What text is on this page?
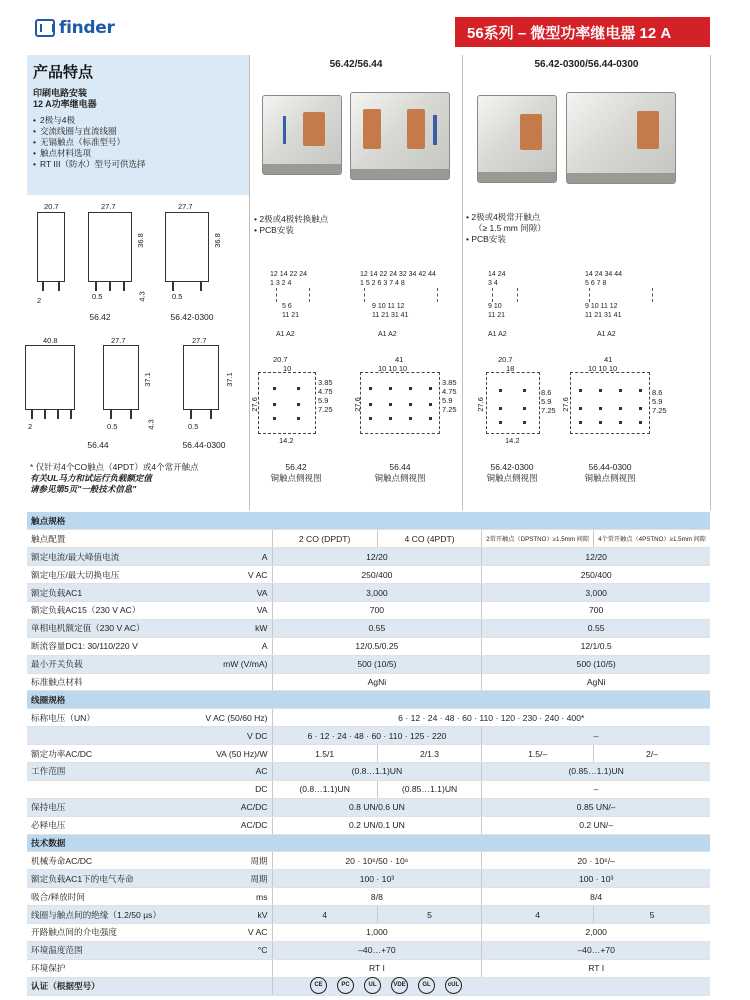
finder	56系列 – 微型功率继电器 12 A
产品特点
印刷电路安装
12 A功率继电器
• 2极与4极
• 交流线圈与直流线圈
• 无镉触点（标准型号）
• 触点材料选项
• RT III（防水）型号可供选择
56.42/56.44	56.42-0300/56.44-0300
• 2极或4极转换触点
• PCB安装
• 2极或4极常开触点
（≥ 1.5 mm 间隙）
• PCB安装
20.7
2
27.7
36.8
0.5	4.3
56.42
27.7
36.8
0.5
56.42-0300
40.8
2
27.7
37.1
0.5	4.3
56.44
27.7
37.1
0.5
56.44-0300
12 14 22 24
1 3 2 4
5 6
11 21
A1 A2
12 14 22 24 32 34 42 44
1 5 2 6 3 7 4 8
9 10 11 12
11 21 31 41
A1 A2
14 24
3 4
9 10
11 21
A1 A2
14 24 34 44
5 6 7 8
9 10 11 12
11 21 31 41
A1 A2
20.7
10
3.85 4.75 5.9 7.25
27.6
14.2
56.42
铜触点侧视图
41
10 10 10
3.85 4.75 5.9 7.25
27.6
56.44
铜触点侧视图
20.7
18
8.6 5.9 7.25
27.6
14.2
56.42-0300
铜触点侧视图
41
10 10 10
8.6 5.9 7.25
27.6
56.44-0300
铜触点侧视图
* 仅针对4个CO触点（4PDT）或4个常开触点
有关UL马力和试运行负载额定值
请参见第5页"一般技术信息"
触点规格					
触点配置		2 CO (DPDT)	4 CO (4PDT)	2常开触点（DPSTNO）≥1.5mm 间隙	4个常开触点（4PSTNO）≥1.5mm 间隙
额定电流/最大峰值电流	A	12/20		12/20	
额定电压/最大切换电压	V AC	250/400		250/400	
额定负载AC1	VA	3,000		3,000	
额定负载AC15（230 V AC）	VA	700		700	
单相电机额定值（230 V AC）	kW	0.55		0.55	
断流容量DC1: 30/110/220 V	A	12/0.5/0.25		12/1/0.5	
最小开关负载	mW (V/mA)	500 (10/5)		500 (10/5)	
标准触点材料		AgNi		AgNi	
线圈规格					
标称电压（UN）	V AC (50/60 Hz)	6 · 12 · 24 · 48 · 60 · 110 · 120 · 230 · 240 · 400*			
	V DC	6 · 12 · 24 · 48 · 60 · 110 · 125 · 220		–	
额定功率AC/DC	VA (50 Hz)/W	1.5/1	2/1.3	1.5/–	2/–
工作范围	AC	(0.8…1.1)UN		(0.85…1.1)UN	
	DC	(0.8…1.1)UN	(0.85…1.1)UN	–	
保持电压	AC/DC	0.8 UN/0.6 UN		0.85 UN/–	
必释电压	AC/DC	0.2 UN/0.1 UN		0.2 UN/–	
技术数据					
机械寿命AC/DC	周期	20 · 10⁶/50 · 10⁶		20 · 10⁶/–	
额定负载AC1下的电气寿命	周期	100 · 10³		100 · 10³	
吸合/释放时间	ms	8/8		8/4	
线圈与触点间的绝缘（1.2/50 µs）	kV	4	5	4	5
开路触点间的介电强度	V AC	1,000		2,000	
环境温度范围	°C	–40…+70		–40…+70	
环境保护		RT I		RT I	
认证（根据型号）						CE	PC	UL	VDE	GL	cUL
